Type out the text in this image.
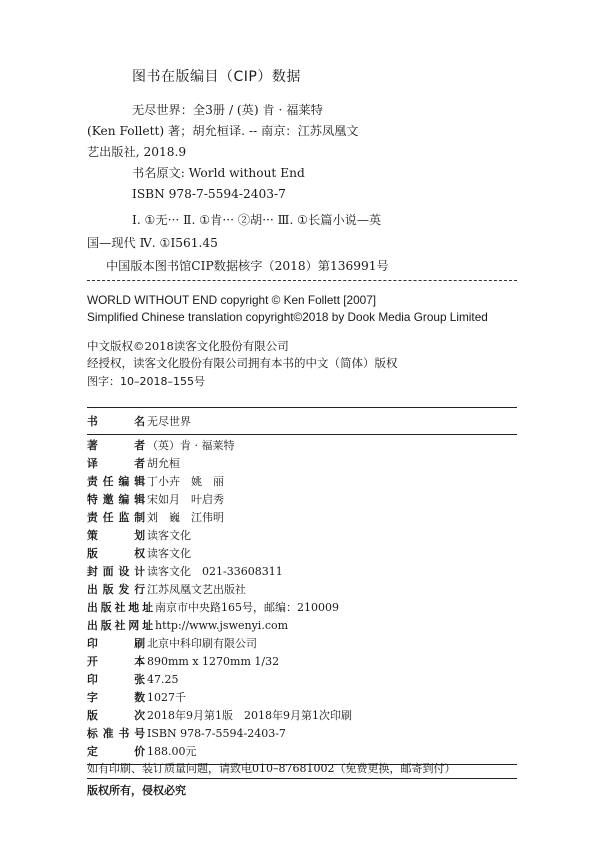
图书在版编目（CIP）数据
无尽世界：全3册 / (英) 肯 · 福莱特
(Ken Follett) 著；胡允桓译. -- 南京：江苏凤凰文
艺出版社, 2018.9
书名原文: World without End
ISBN 978-7-5594-2403-7
Ⅰ. ①无··· Ⅱ. ①肯··· ②胡··· Ⅲ. ①长篇小说—英
国—现代 Ⅳ. ①I561.45
中国版本图书馆CIP数据核字（2018）第136991号
WORLD WITHOUT END copyright © Ken Follett [2007]
Simplified Chinese translation copyright©2018 by Dook Media Group Limited
中文版权©2018读客文化股份有限公司
经授权，读客文化股份有限公司拥有本书的中文（简体）版权
图字：10–2018–155号
书　　名 无尽世界
著　　者 （英）肯 · 福莱特
译　　者 胡允桓
责任编辑 丁小卉　姚　丽
特邀编辑 宋如月　叶启秀
责任监制 刘　巍　江伟明
策　　划 读客文化
版　　权 读客文化
封面设计 读客文化　021-33608311
出版发行 江苏凤凰文艺出版社
出版社地址 南京市中央路165号，邮编：210009
出版社网址 http://www.jswenyi.com
印　　刷 北京中科印刷有限公司
开　　本 890mm x 1270mm 1/32
印　　张 47.25
字　　数 1027千
版　　次 2018年9月第1版　2018年9月第1次印刷
标准书号 ISBN 978-7-5594-2403-7
定　　价 188.00元
如有印刷、装订质量问题，请致电010–87681002（免费更换，邮寄到付）
版权所有，侵权必究
